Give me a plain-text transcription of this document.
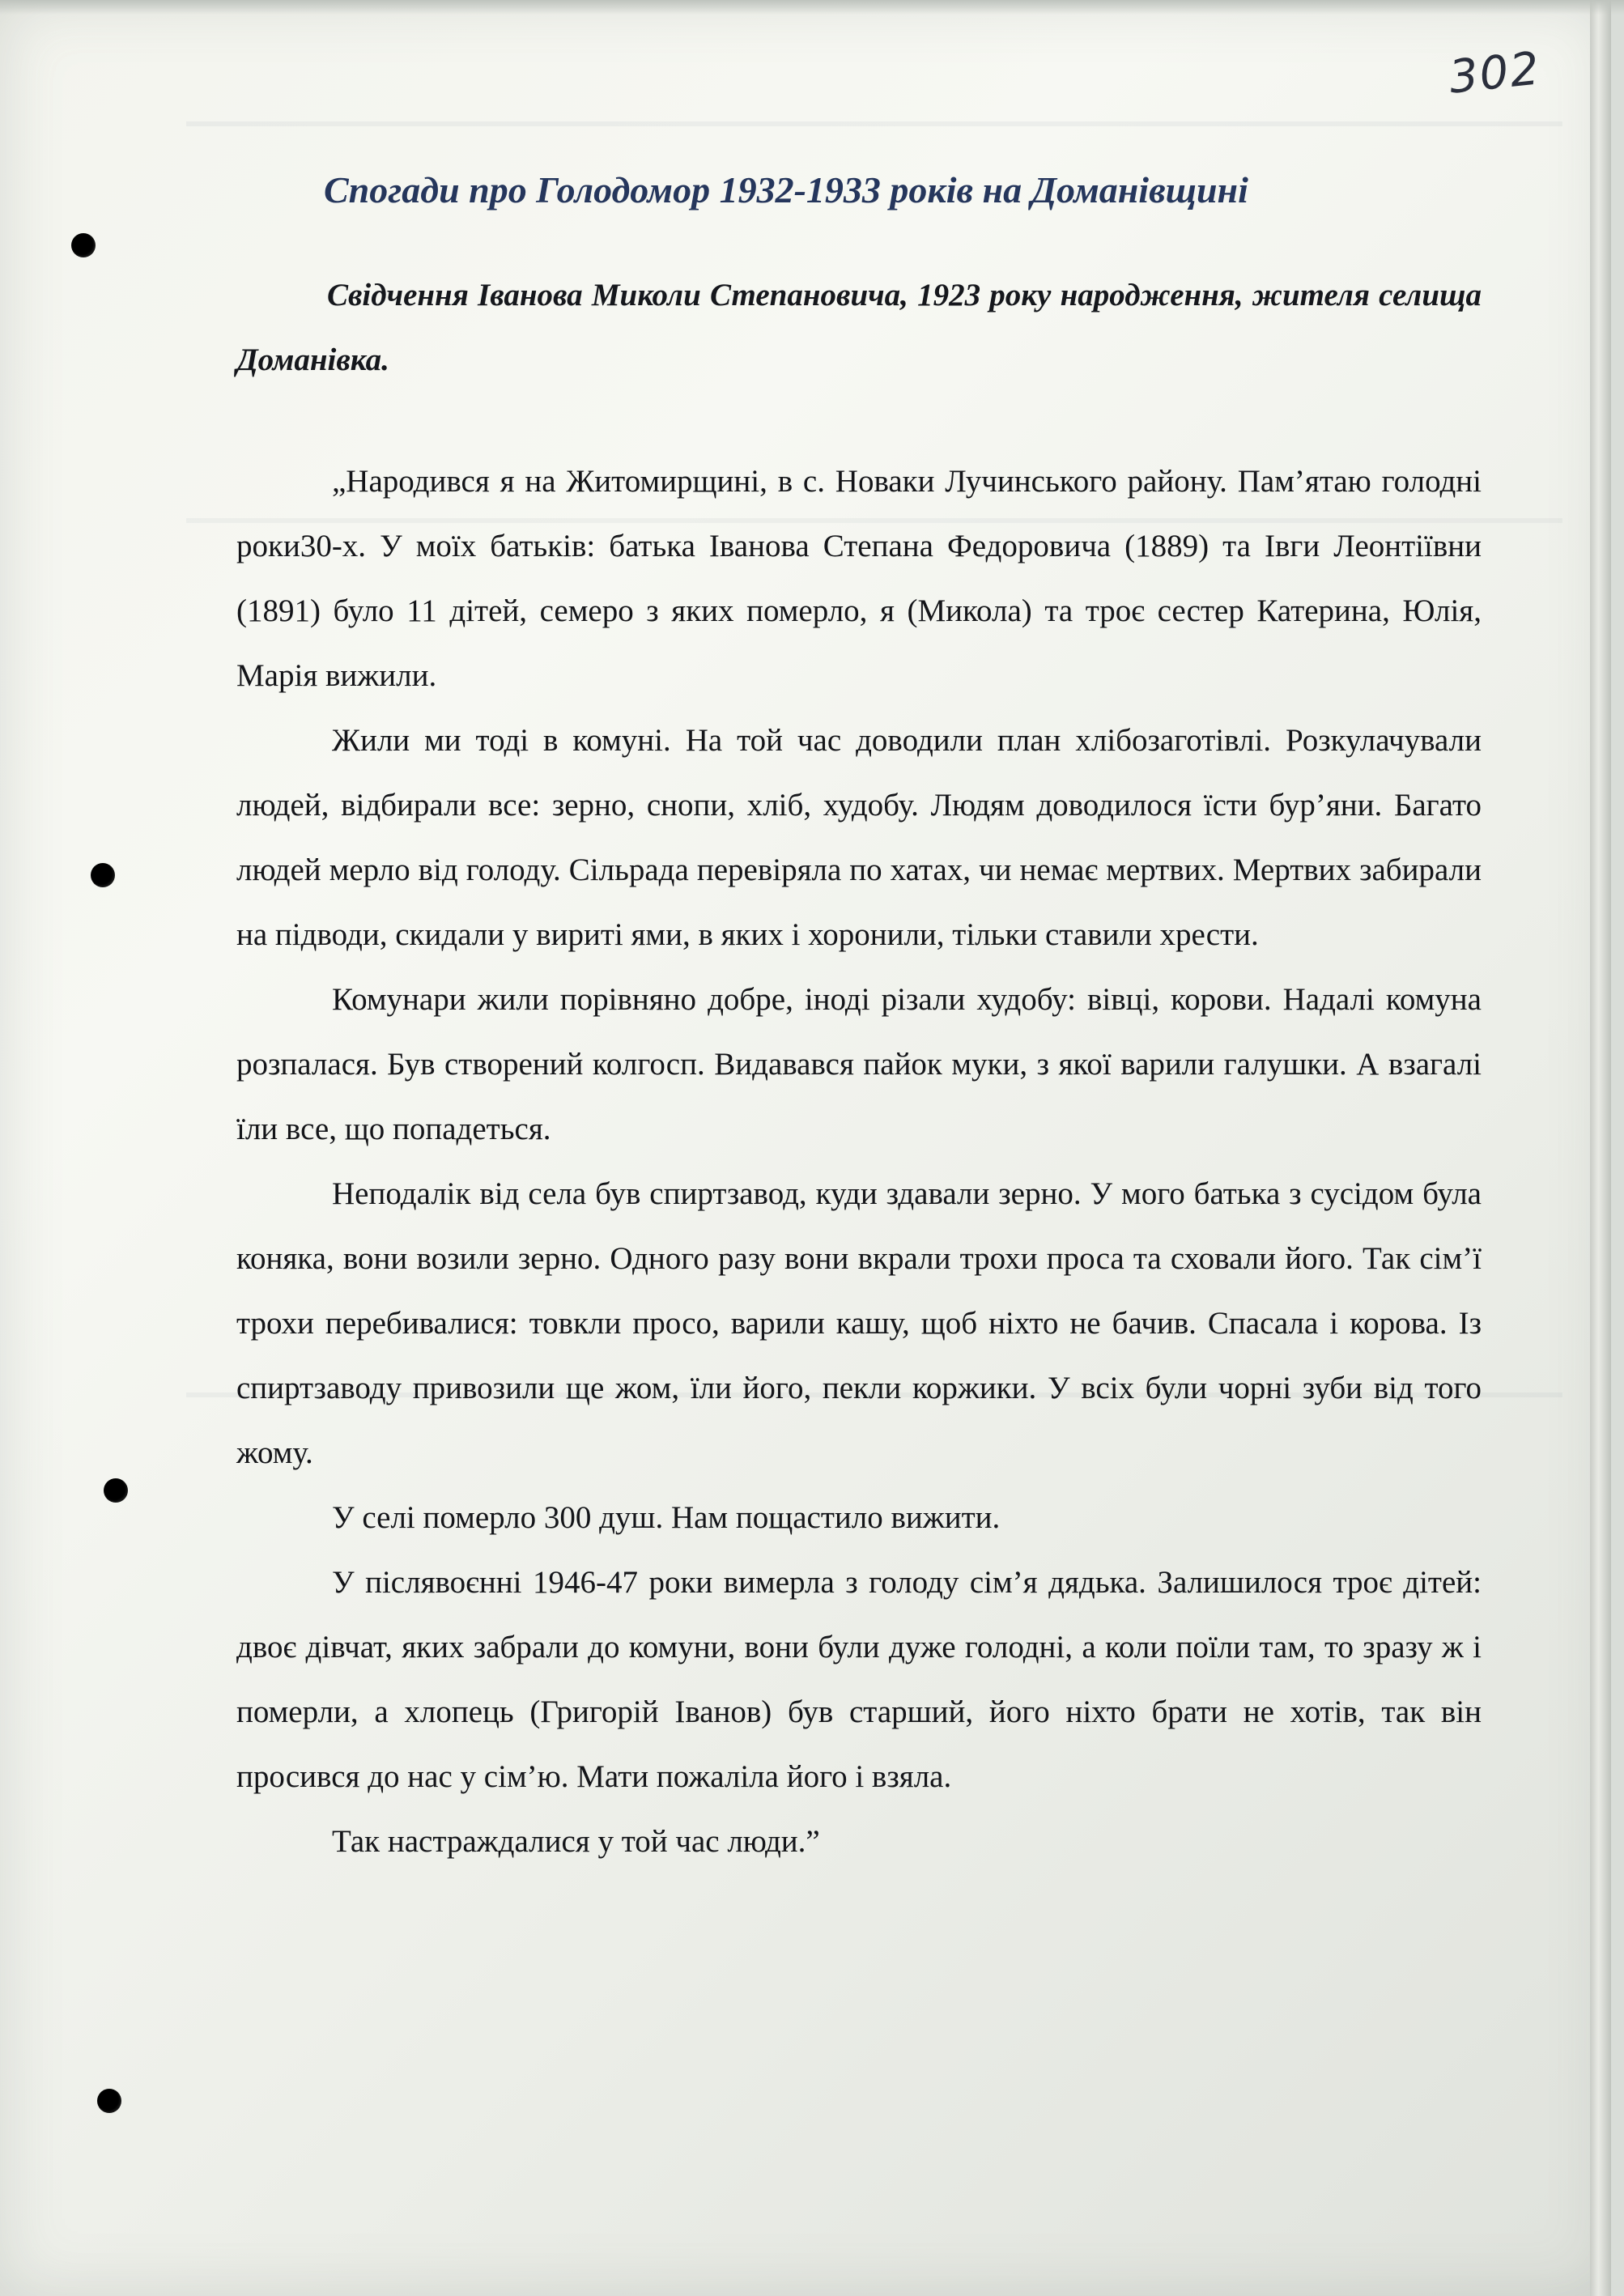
302
Спогади про Голодомор 1932-1933 років на Доманівщині

Свідчення Іванова Миколи Степановича, 1923 року народження, жителя селища Доманівка.

„Народився я на Житомирщині, в с. Новаки Лучинського району. Пам’ятаю голодні роки30-х. У моїх батьків: батька Іванова Степана Федоровича (1889) та Івги Леонтіївни (1891) було 11 дітей, семеро з яких померло, я (Микола) та троє сестер Катерина, Юлія, Марія вижили.

Жили ми тоді в комуні. На той час доводили план хлібозаготівлі. Розкулачували людей, відбирали все: зерно, снопи, хліб, худобу. Людям доводилося їсти бур’яни. Багато людей мерло від голоду. Сільрада перевіряла по хатах, чи немає мертвих. Мертвих забирали на підводи, скидали у вириті ями, в яких і хоронили, тільки ставили хрести.

Комунари жили порівняно добре, іноді різали худобу: вівці, корови. Надалі комуна розпалася. Був створений колгосп. Видавався пайок муки, з якої варили галушки. А взагалі їли все, що попадеться.

Неподалік від села був спиртзавод, куди здавали зерно. У мого батька з сусідом була коняка, вони возили зерно. Одного разу вони вкрали трохи проса та сховали його. Так сім’ї трохи перебивалися: товкли просо, варили кашу, щоб ніхто не бачив. Спасала і корова. Із спиртзаводу привозили ще жом, їли його, пекли коржики. У всіх були чорні зуби від того жому.

У селі померло 300 душ. Нам пощастило вижити.

У післявоєнні 1946-47 роки вимерла з голоду сім’я дядька. Залишилося троє дітей: двоє дівчат, яких забрали до комуни, вони були дуже голодні, а коли поїли там, то зразу ж і померли, а хлопець (Григорій Іванов) був старший, його ніхто брати не хотів, так він просився до нас у сім’ю. Мати пожаліла його і взяла.

Так настраждалися у той час люди.”
